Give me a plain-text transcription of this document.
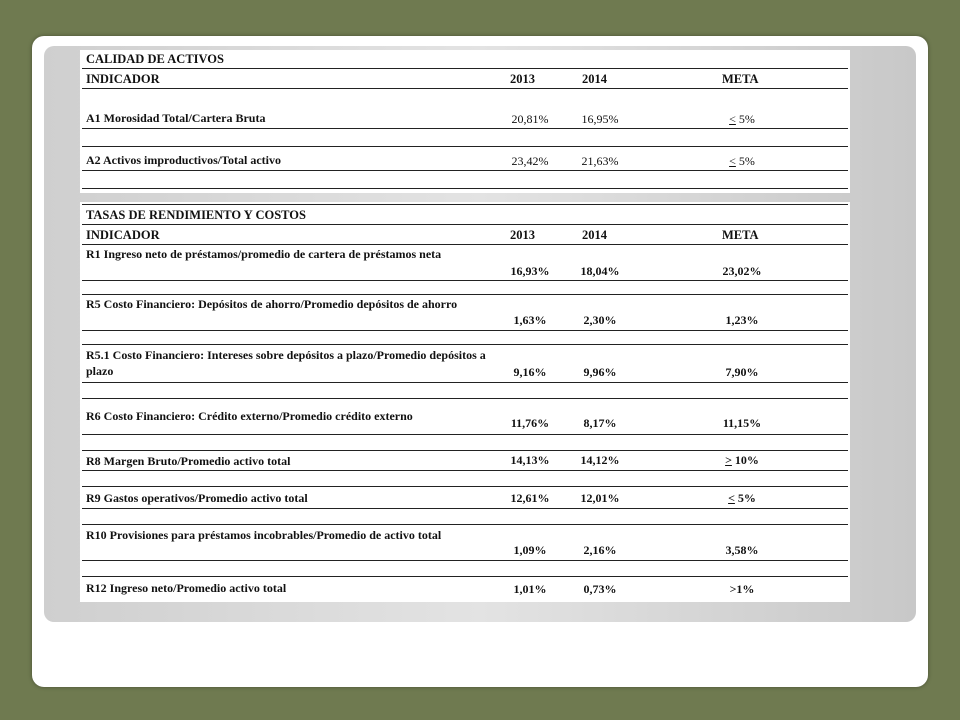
CALIDAD DE ACTIVOS
INDICADOR	2013	2014	META
A1 Morosidad Total/Cartera Bruta	20,81%	16,95%	< 5%
A2 Activos improductivos/Total activo	23,42%	21,63%	< 5%
TASAS DE RENDIMIENTO Y COSTOS
INDICADOR	2013	2014	META
R1 Ingreso neto de préstamos/promedio de cartera de préstamos neta
16,93%	18,04%	23,02%
R5 Costo Financiero: Depósitos de ahorro/Promedio depósitos de ahorro
1,63%	2,30%	1,23%
R5.1 Costo Financiero: Intereses sobre depósitos a plazo/Promedio depósitos a plazo	9,16%	9,96%	7,90%
R6 Costo Financiero: Crédito externo/Promedio crédito externo	11,76%	8,17%	11,15%
R8 Margen Bruto/Promedio activo total	14,13%	14,12%	> 10%
R9 Gastos operativos/Promedio activo total	12,61%	12,01%	< 5%
R10 Provisiones para préstamos incobrables/Promedio de activo total
1,09%	2,16%	3,58%
R12 Ingreso neto/Promedio activo total	1,01%	0,73%	>1%
